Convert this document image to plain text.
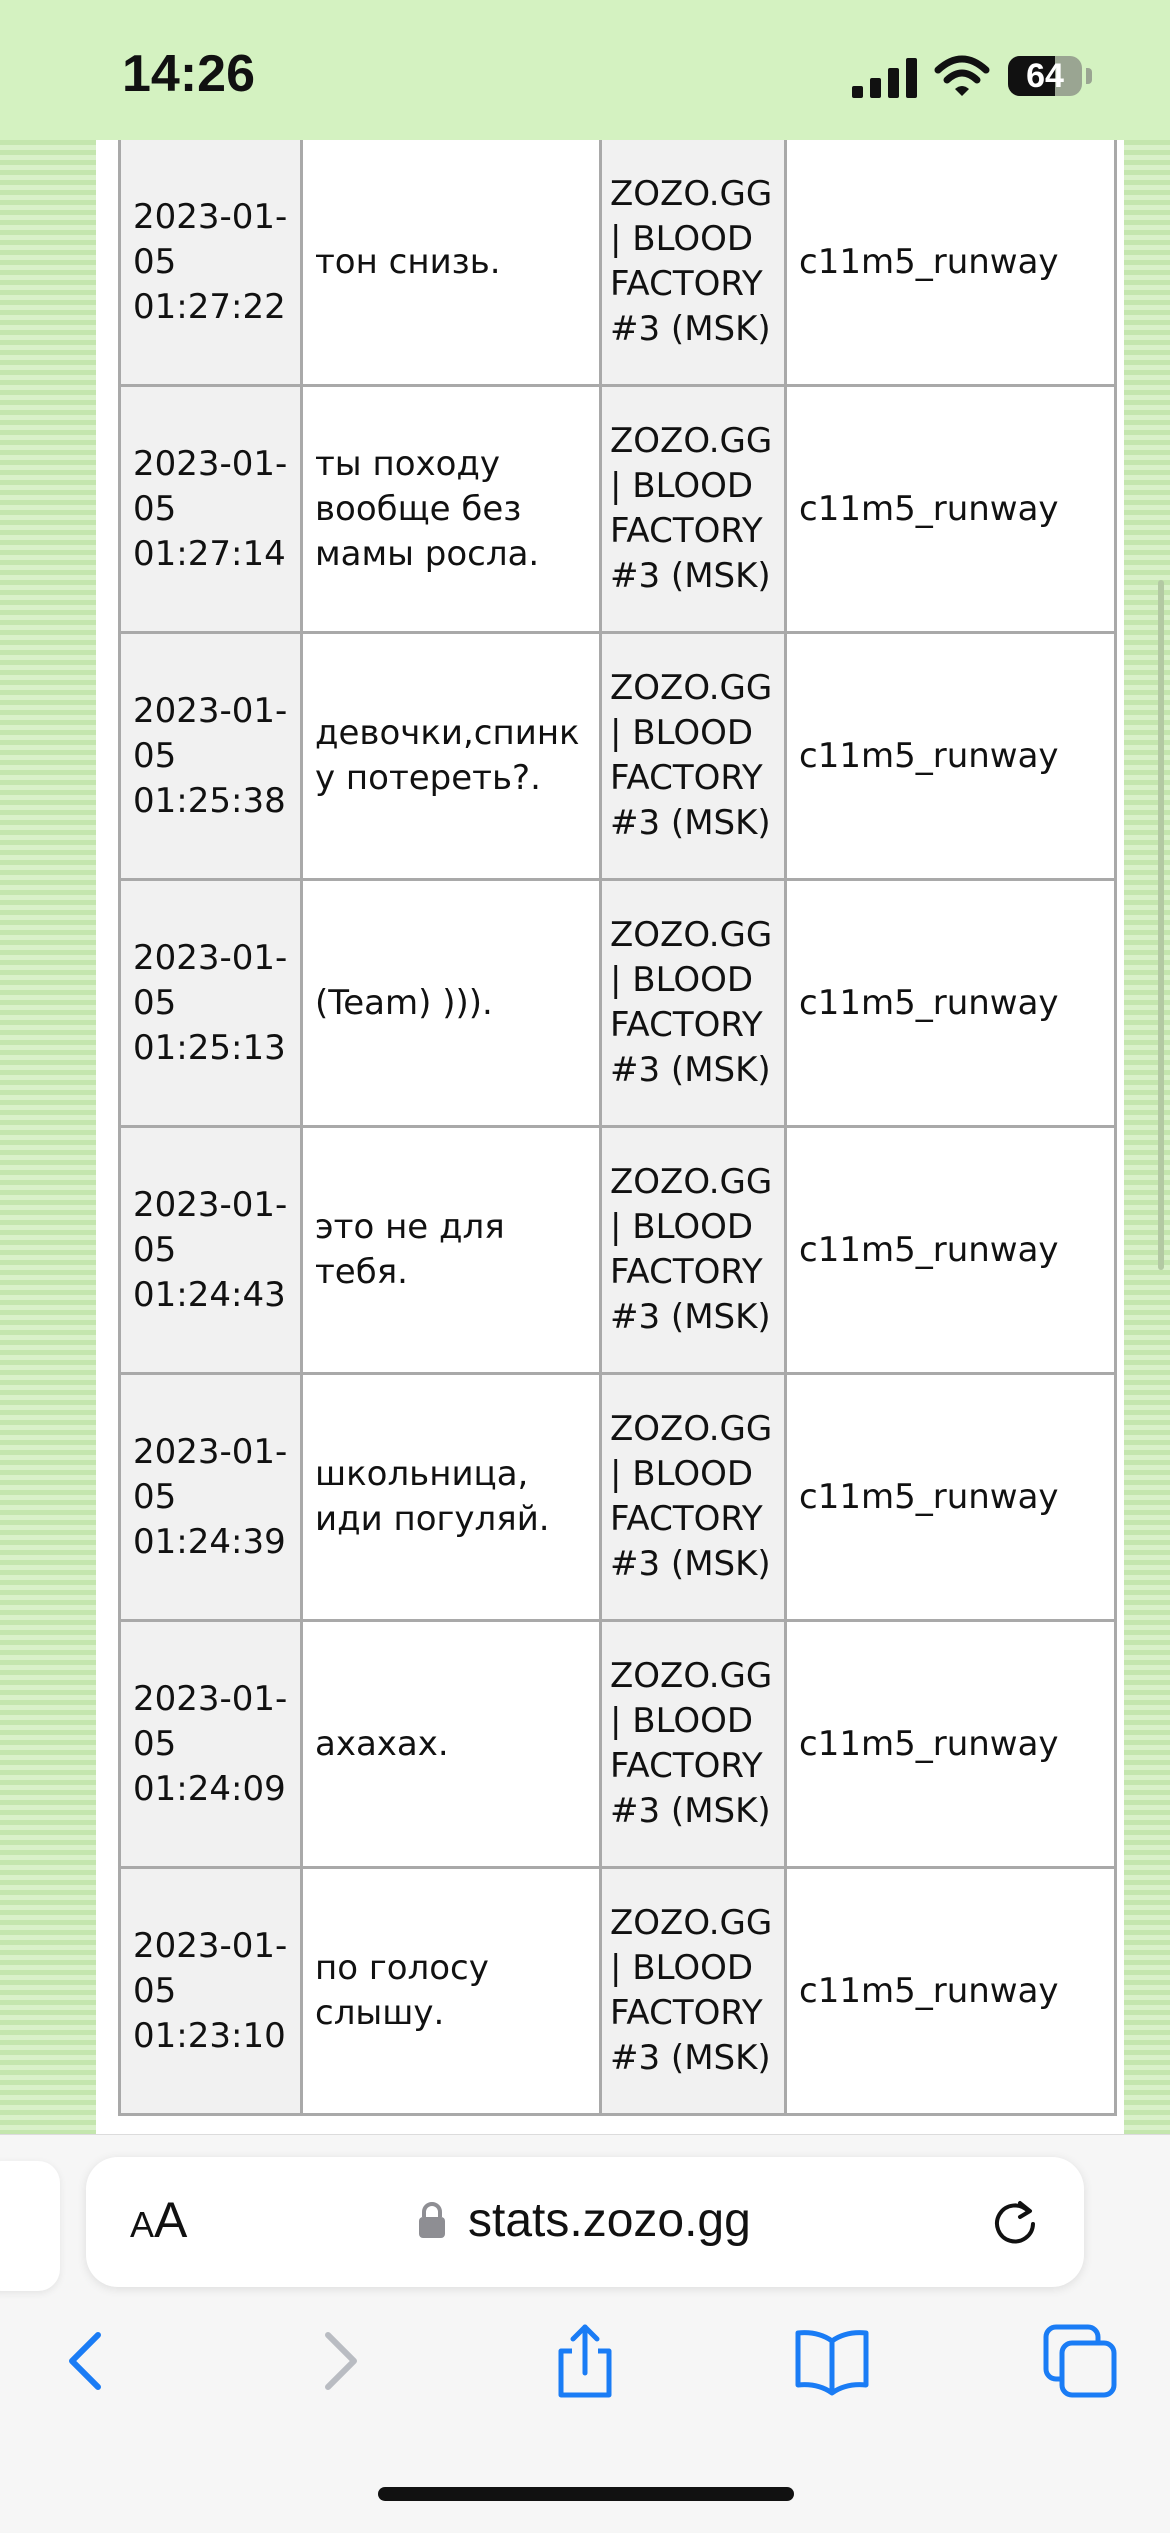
2023-01-05 01:27:22	тон снизь.	ZOZO.GG | BLOOD FACTORY #3 (MSK)	c11m5_runway
2023-01-05 01:27:14	ты походу вообще без мамы росла.	ZOZO.GG | BLOOD FACTORY #3 (MSK)	c11m5_runway
2023-01-05 01:25:38	девочки,спинку потереть?.	ZOZO.GG | BLOOD FACTORY #3 (MSK)	c11m5_runway
2023-01-05 01:25:13	(Team) ))).	ZOZO.GG | BLOOD FACTORY #3 (MSK)	c11m5_runway
2023-01-05 01:24:43	это не для тебя.	ZOZO.GG | BLOOD FACTORY #3 (MSK)	c11m5_runway
2023-01-05 01:24:39	школьница, иди погуляй.	ZOZO.GG | BLOOD FACTORY #3 (MSK)	c11m5_runway
2023-01-05 01:24:09	ахахах.	ZOZO.GG | BLOOD FACTORY #3 (MSK)	c11m5_runway
2023-01-05 01:23:10	по голосу слышу.	ZOZO.GG | BLOOD FACTORY #3 (MSK)	c11m5_runway
14:26	64
AA	stats.zozo.gg
